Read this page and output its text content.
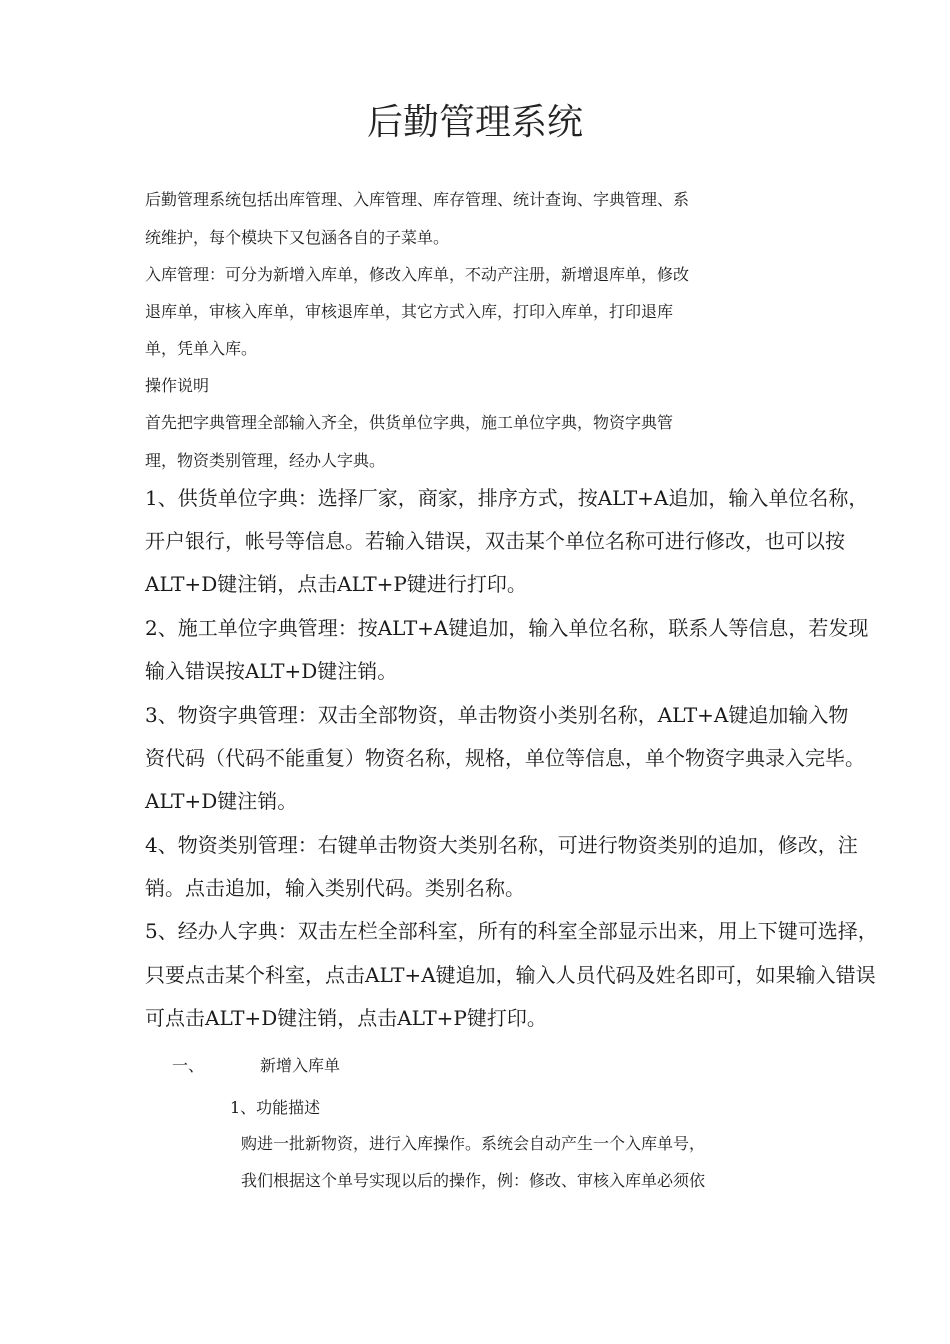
后勤管理系统
后勤管理系统包括出库管理、入库管理、库存管理、统计查询、字典管理、系
统维护，每个模块下又包涵各自的子菜单。
入库管理：可分为新增入库单，修改入库单，不动产注册，新增退库单，修改
退库单，审核入库单，审核退库单，其它方式入库，打印入库单，打印退库
单，凭单入库。
操作说明
首先把字典管理全部输入齐全，供货单位字典，施工单位字典，物资字典管
理，物资类别管理，经办人字典。
1、供货单位字典：选择厂家，商家，排序方式，按ALT+A追加，输入单位名称，
开户银行，帐号等信息。若输入错误，双击某个单位名称可进行修改，也可以按
ALT+D键注销，点击ALT+P键进行打印。
2、施工单位字典管理：按ALT+A键追加，输入单位名称，联系人等信息，若发现
输入错误按ALT+D键注销。
3、物资字典管理：双击全部物资，单击物资小类别名称，ALT+A键追加输入物
资代码（代码不能重复）物资名称，规格，单位等信息，单个物资字典录入完毕。
ALT+D键注销。
4、物资类别管理：右键单击物资大类别名称，可进行物资类别的追加，修改，注
销。点击追加，输入类别代码。类别名称。
5、经办人字典：双击左栏全部科室，所有的科室全部显示出来，用上下键可选择，
只要点击某个科室，点击ALT+A键追加，输入人员代码及姓名即可，如果输入错误
可点击ALT+D键注销，点击ALT+P键打印。
一、	新增入库单
1、功能描述
购进一批新物资，进行入库操作。系统会自动产生一个入库单号，
我们根据这个单号实现以后的操作，例：修改、审核入库单必须依
